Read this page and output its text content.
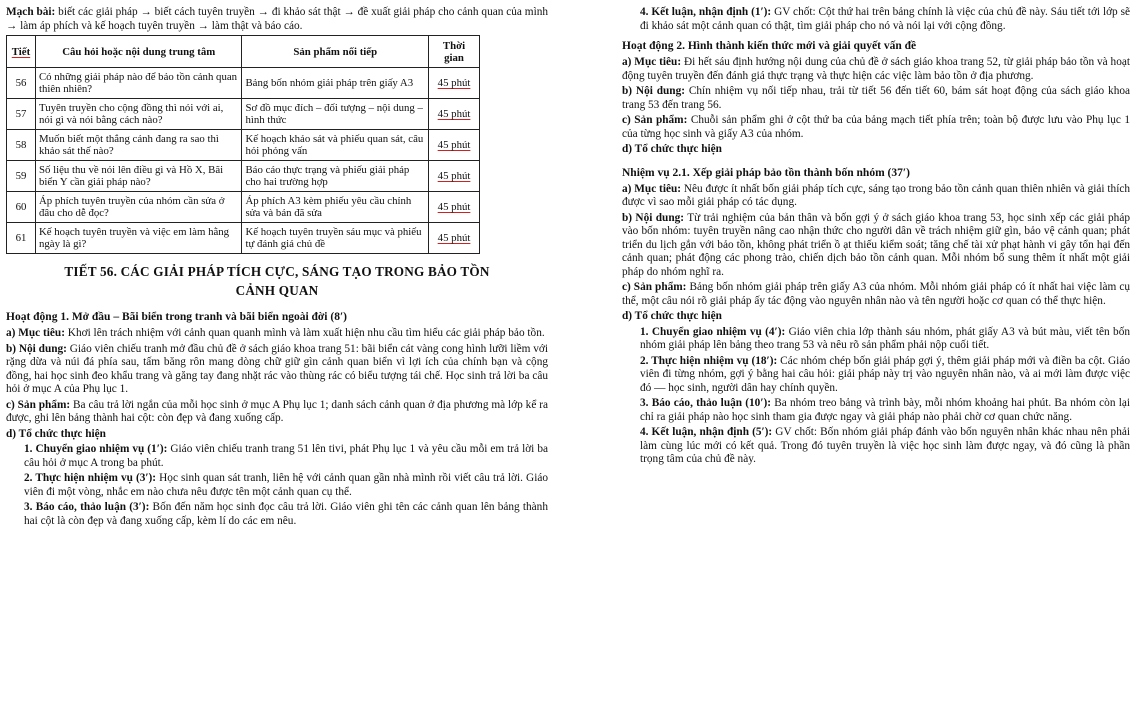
Mạch bài: biết các giải pháp → biết cách tuyên truyền → đi khảo sát thật → đề xuất giải pháp cho cảnh quan của mình → làm áp phích và kế hoạch tuyên truyền → làm thật và báo cáo.

Tiết	Câu hỏi hoặc nội dung trung tâm	Sản phẩm nối tiếp	Thời gian
56	Có những giải pháp nào để bảo tồn cảnh quan thiên nhiên?	Bảng bốn nhóm giải pháp trên giấy A3	45 phút
57	Tuyên truyền cho cộng đồng thì nói với ai, nói gì và nói bằng cách nào?	Sơ đồ mục đích – đối tượng – nội dung – hình thức	45 phút
58	Muốn biết một thắng cảnh đang ra sao thì khảo sát thế nào?	Kế hoạch khảo sát và phiếu quan sát, câu hỏi phỏng vấn	45 phút
59	Số liệu thu về nói lên điều gì và Hồ X, Bãi biển Y cần giải pháp nào?	Báo cáo thực trạng và phiếu giải pháp cho hai trường hợp	45 phút
60	Áp phích tuyên truyền của nhóm cần sửa ở đâu cho dễ đọc?	Áp phích A3 kèm phiếu yêu cầu chỉnh sửa và bản đã sửa	45 phút
61	Kế hoạch tuyên truyền và việc em làm hằng ngày là gì?	Kế hoạch tuyên truyền sáu mục và phiếu tự đánh giá chủ đề	45 phút
TIẾT 56. CÁC GIẢI PHÁP TÍCH CỰC, SÁNG TẠO TRONG BẢO TỒN
CẢNH QUAN

Hoạt động 1. Mở đầu – Bãi biển trong tranh và bãi biển ngoài đời (8′)

a) Mục tiêu: Khơi lên trách nhiệm với cảnh quan quanh mình và làm xuất hiện nhu cầu tìm hiểu các giải pháp bảo tồn.

b) Nội dung: Giáo viên chiếu tranh mở đầu chủ đề ở sách giáo khoa trang 51: bãi biển cát vàng cong hình lưỡi liềm với rặng dừa và núi đá phía sau, tấm băng rôn mang dòng chữ giữ gìn cảnh quan biển vì lợi ích của chính bạn và cộng đồng, hai học sinh đeo khẩu trang và găng tay đang nhặt rác vào thùng rác có biểu tượng tái chế. Học sinh trả lời ba câu hỏi ở mục A của Phụ lục 1.

c) Sản phẩm: Ba câu trả lời ngắn của mỗi học sinh ở mục A Phụ lục 1; danh sách cảnh quan ở địa phương mà lớp kể ra được, ghi lên bảng thành hai cột: còn đẹp và đang xuống cấp.

d) Tổ chức thực hiện

1. Chuyển giao nhiệm vụ (1′): Giáo viên chiếu tranh trang 51 lên tivi, phát Phụ lục 1 và yêu cầu mỗi em trả lời ba câu hỏi ở mục A trong ba phút.

2. Thực hiện nhiệm vụ (3′): Học sinh quan sát tranh, liên hệ với cảnh quan gần nhà mình rồi viết câu trả lời. Giáo viên đi một vòng, nhắc em nào chưa nêu được tên một cảnh quan cụ thể.

3. Báo cáo, thảo luận (3′): Bốn đến năm học sinh đọc câu trả lời. Giáo viên ghi tên các cảnh quan lên bảng thành hai cột là còn đẹp và đang xuống cấp, kèm lí do các em nêu.

4. Kết luận, nhận định (1′): GV chốt: Cột thứ hai trên bảng chính là việc của chủ đề này. Sáu tiết tới lớp sẽ đi khảo sát một cảnh quan có thật, tìm giải pháp cho nó và nói lại với cộng đồng.

Hoạt động 2. Hình thành kiến thức mới và giải quyết vấn đề

a) Mục tiêu: Đi hết sáu định hướng nội dung của chủ đề ở sách giáo khoa trang 52, từ giải pháp bảo tồn và hoạt động tuyên truyền đến đánh giá thực trạng và thực hiện các việc làm bảo tồn ở địa phương.

b) Nội dung: Chín nhiệm vụ nối tiếp nhau, trải từ tiết 56 đến tiết 60, bám sát hoạt động của sách giáo khoa trang 53 đến trang 56.

c) Sản phẩm: Chuỗi sản phẩm ghi ở cột thứ ba của bảng mạch tiết phía trên; toàn bộ được lưu vào Phụ lục 1 của từng học sinh và giấy A3 của nhóm.

d) Tổ chức thực hiện

Nhiệm vụ 2.1. Xếp giải pháp bảo tồn thành bốn nhóm (37′)

a) Mục tiêu: Nêu được ít nhất bốn giải pháp tích cực, sáng tạo trong bảo tồn cảnh quan thiên nhiên và giải thích được vì sao mỗi giải pháp có tác dụng.

b) Nội dung: Từ trải nghiệm của bản thân và bốn gợi ý ở sách giáo khoa trang 53, học sinh xếp các giải pháp vào bốn nhóm: tuyên truyền nâng cao nhận thức cho người dân về trách nhiệm giữ gìn, bảo vệ cảnh quan; phát triển du lịch gắn với bảo tồn, không phát triển ồ ạt thiếu kiểm soát; tăng chế tài xử phạt hành vi gây tổn hại đến cảnh quan; phát động các phong trào, chiến dịch bảo tồn cảnh quan. Mỗi nhóm bổ sung thêm ít nhất một giải pháp do nhóm nghĩ ra.

c) Sản phẩm: Bảng bốn nhóm giải pháp trên giấy A3 của nhóm. Mỗi nhóm giải pháp có ít nhất hai việc làm cụ thể, một câu nói rõ giải pháp ấy tác động vào nguyên nhân nào và tên người hoặc cơ quan có thể thực hiện.

d) Tổ chức thực hiện

1. Chuyển giao nhiệm vụ (4′): Giáo viên chia lớp thành sáu nhóm, phát giấy A3 và bút màu, viết tên bốn nhóm giải pháp lên bảng theo trang 53 và nêu rõ sản phẩm phải nộp cuối tiết.

2. Thực hiện nhiệm vụ (18′): Các nhóm chép bốn giải pháp gợi ý, thêm giải pháp mới và điền ba cột. Giáo viên đi từng nhóm, gợi ý bằng hai câu hỏi: giải pháp này trị vào nguyên nhân nào, và ai mới làm được việc đó — học sinh, người dân hay chính quyền.

3. Báo cáo, thảo luận (10′): Ba nhóm treo bảng và trình bày, mỗi nhóm khoảng hai phút. Ba nhóm còn lại chỉ ra giải pháp nào học sinh tham gia được ngay và giải pháp nào phải chờ cơ quan chức năng.

4. Kết luận, nhận định (5′): GV chốt: Bốn nhóm giải pháp đánh vào bốn nguyên nhân khác nhau nên phải làm cùng lúc mới có kết quả. Trong đó tuyên truyền là việc học sinh làm được ngay, và đó cũng là phần trọng tâm của chủ đề này.
